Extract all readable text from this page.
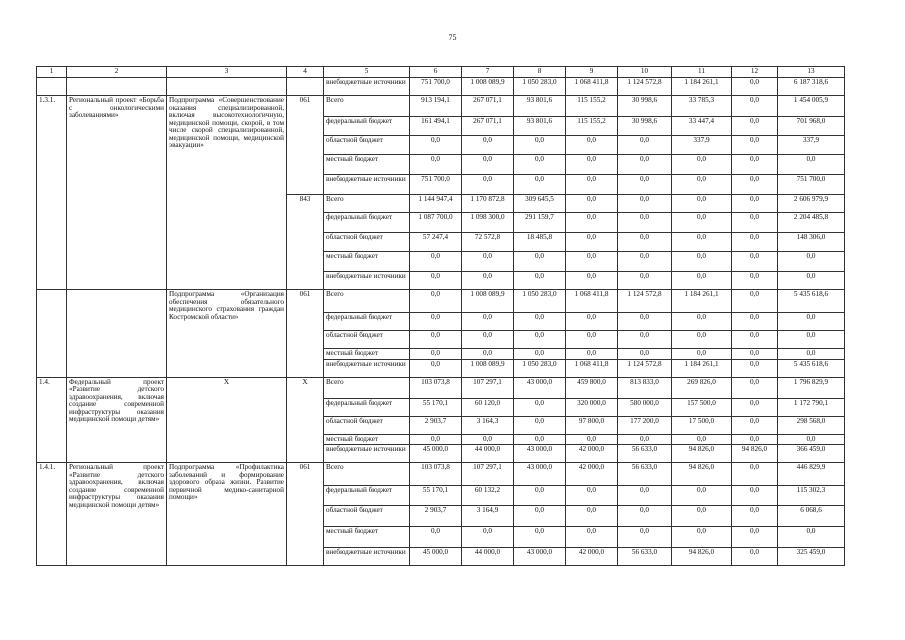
75
1	2	3	4	5	6	7	8	9	10	11	12	13
				внебюджетные источники	751 700,0	1 008 089,9	1 050 283,0	1 068 411,8	1 124 572,8	1 184 261,1	0,0	6 187 318,6
1.3.1.	Региональный проект «Борьба с онкологическими заболеваниями»	Подпрограмма «Совершенствование оказания специализированной, включая высокотехнологичную, медицинской помощи, скорой, в том числе скорой специализированной, медицинской помощи, медицинской эвакуации»	061	Всего	913 194,1	267 071,1	93 801,6	115 155,2	30 998,6	33 785,3	0,0	1 454 005,9
				федеральный бюджет	161 494,1	267 071,1	93 801,6	115 155,2	30 998,6	33 447,4	0,0	701 968,0
				областной бюджет	0,0	0,0	0,0	0,0	0,0	337,9	0,0	337,9
				местный бюджет	0,0	0,0	0,0	0,0	0,0	0,0	0,0	0,0
				внебюджетные источники	751 700,0	0,0	0,0	0,0	0,0	0,0	0,0	751 700,0
			843	Всего	1 144 947,4	1 170 872,8	309 645,5	0,0	0,0	0,0	0,0	2 606 979,9
				федеральный бюджет	1 087 700,0	1 098 300,0	291 159,7	0,0	0,0	0,0	0,0	2 204 485,8
				областной бюджет	57 247,4	72 572,8	18 485,8	0,0	0,0	0,0	0,0	148 306,0
				местный бюджет	0,0	0,0	0,0	0,0	0,0	0,0	0,0	0,0
				внебюджетные источники	0,0	0,0	0,0	0,0	0,0	0,0	0,0	0,0
		Подпрограмма «Организация обеспечения обязательного медицинского страхования граждан Костромской области»	061	Всего	0,0	1 008 089,9	1 050 283,0	1 068 411,8	1 124 572,8	1 184 261,1	0,0	5 435 618,6
				федеральный бюджет	0,0	0,0	0,0	0,0	0,0	0,0	0,0	0,0
				областной бюджет	0,0	0,0	0,0	0,0	0,0	0,0	0,0	0,0
				местный бюджет	0,0	0,0	0,0	0,0	0,0	0,0	0,0	0,0
				внебюджетные источники	0,0	1 008 089,9	1 050 283,0	1 068 411,8	1 124 572,8	1 184 261,1	0,0	5 435 618,6
1.4.	Федеральный проект «Развитие детского здравоохранения, включая создание современной инфраструктуры оказания медицинской помощи детям»	X	X	Всего	103 073,8	107 297,1	43 000,0	459 800,0	813 833,0	269 826,0	0,0	1 796 829,9
				федеральный бюджет	55 170,1	60 120,0	0,0	320 000,0	580 000,0	157 500,0	0,0	1 172 790,1
				областной бюджет	2 903,7	3 164,3	0,0	97 800,0	177 200,0	17 500,0	0,0	298 568,0
				местный бюджет	0,0	0,0	0,0	0,0	0,0	0,0	0,0	0,0
				внебюджетные источники	45 000,0	44 000,0	43 000,0	42 000,0	56 633,0	94 826,0	94 826,0	366 459,0
1.4.1.	Региональный проект «Развитие детского здравоохранения, включая создание современной инфраструктуры оказания медицинской помощи детям»	Подпрограмма «Профилактика заболеваний и формирование здорового образа жизни. Развитие первичной медико-санитарной помощи»	061	Всего	103 073,8	107 297,1	43 000,0	42 000,0	56 633,0	94 826,0	0,0	446 829,9
				федеральный бюджет	55 170,1	60 132,2	0,0	0,0	0,0	0,0	0,0	115 302,3
				областной бюджет	2 903,7	3 164,9	0,0	0,0	0,0	0,0	0,0	6 068,6
				местный бюджет	0,0	0,0	0,0	0,0	0,0	0,0	0,0	0,0
				внебюджетные источники	45 000,0	44 000,0	43 000,0	42 000,0	56 633,0	94 826,0	0,0	325 459,0
